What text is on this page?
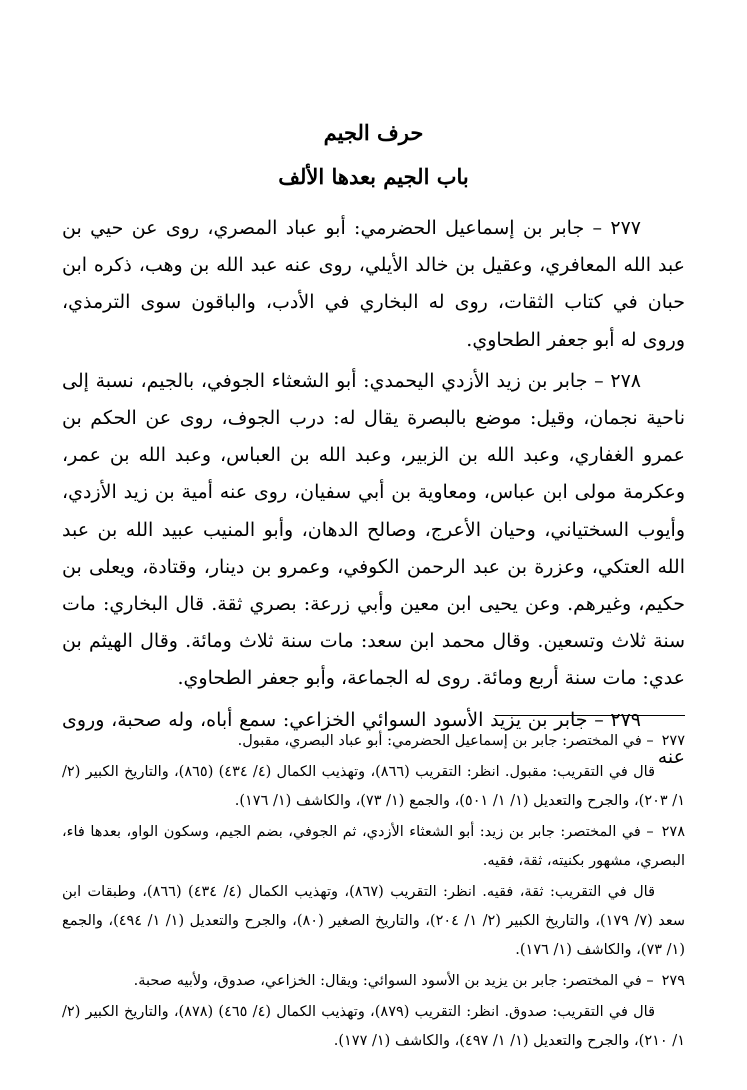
حرف الجيم
باب الجيم بعدها الألف

٢٧٧ – جابر بن إسماعيل الحضرمي: أبو عباد المصري، روى عن حيي بن عبد الله المعافري، وعقيل بن خالد الأيلي، روى عنه عبد الله بن وهب، ذكره ابن حبان في كتاب الثقات، روى له البخاري في الأدب، والباقون سوى الترمذي، وروى له أبو جعفر الطحاوي.

٢٧٨ – جابر بن زيد الأزدي اليحمدي: أبو الشعثاء الجوفي، بالجيم، نسبة إلى ناحية نجمان، وقيل: موضع بالبصرة يقال له: درب الجوف، روى عن الحكم بن عمرو الغفاري، وعبد الله بن الزبير، وعبد الله بن العباس، وعبد الله بن عمر، وعكرمة مولى ابن عباس، ومعاوية بن أبي سفيان، روى عنه أمية بن زيد الأزدي، وأيوب السختياني، وحيان الأعرج، وصالح الدهان، وأبو المنيب عبيد الله بن عبد الله العتكي، وعزرة بن عبد الرحمن الكوفي، وعمرو بن دينار، وقتادة، ويعلى بن حكيم، وغيرهم. وعن يحيى ابن معين وأبي زرعة: بصري ثقة. قال البخاري: مات سنة ثلاث وتسعين. وقال محمد ابن سعد: مات سنة ثلاث ومائة. وقال الهيثم بن عدي: مات سنة أربع ومائة. روى له الجماعة، وأبو جعفر الطحاوي.

٢٧٩ – جابر بن يزيد الأسود السوائي الخزاعي: سمع أباه، وله صحبة، وروى عنه

٢٧٧– في المختصر: جابر بن إسماعيل الحضرمي: أبو عباد البصري، مقبول.
قال في التقريب: مقبول. انظر: التقريب (٨٦٦)، وتهذيب الكمال (٤/ ٤٣٤) (٨٦٥)، والتاريخ الكبير (٢/ ١/ ٢٠٣)، والجرح والتعديل (١/ ١/ ٥٠١)، والجمع (١/ ٧٣)، والكاشف (١/ ١٧٦).
٢٧٨– في المختصر: جابر بن زيد: أبو الشعثاء الأزدي، ثم الجوفي، بضم الجيم، وسكون الواو، بعدها فاء، البصري، مشهور بكنيته، ثقة، فقيه.
قال في التقريب: ثقة، فقيه. انظر: التقريب (٨٦٧)، وتهذيب الكمال (٤/ ٤٣٤) (٨٦٦)، وطبقات ابن سعد (٧/ ١٧٩)، والتاريخ الكبير (٢/ ١/ ٢٠٤)، والتاريخ الصغير (٨٠)، والجرح والتعديل (١/ ١/ ٤٩٤)، والجمع (١/ ٧٣)، والكاشف (١/ ١٧٦).
٢٧٩– في المختصر: جابر بن يزيد بن الأسود السوائي: ويقال: الخزاعي، صدوق، ولأبيه صحبة.
قال في التقريب: صدوق. انظر: التقريب (٨٧٩)، وتهذيب الكمال (٤/ ٤٦٥) (٨٧٨)، والتاريخ الكبير (٢/ ١/ ٢١٠)، والجرح والتعديل (١/ ١/ ٤٩٧)، والكاشف (١/ ١٧٧).
